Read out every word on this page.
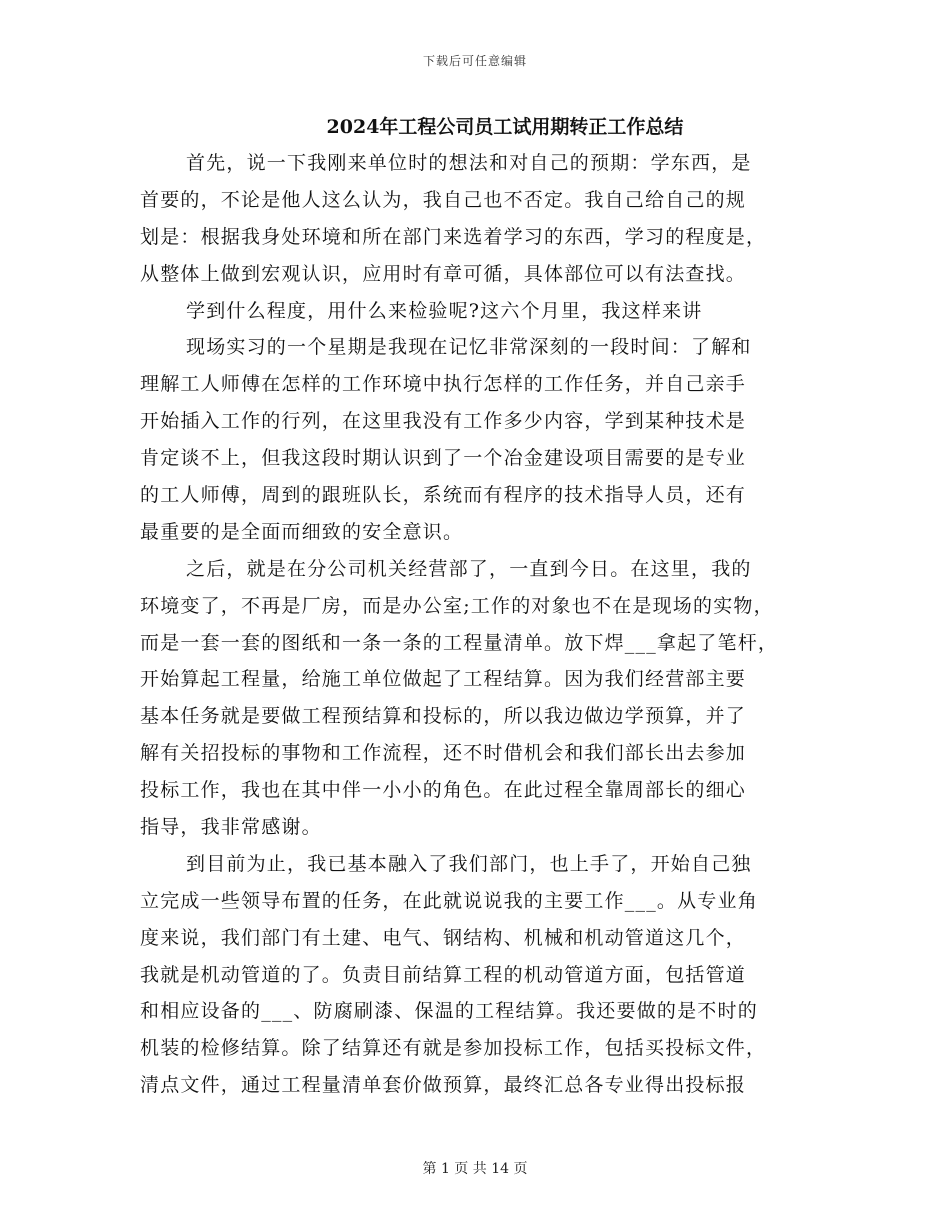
下载后可任意编辑
2024年工程公司员工试用期转正工作总结
首先，说一下我刚来单位时的想法和对自己的预期：学东西，是
首要的，不论是他人这么认为，我自己也不否定。我自己给自己的规
划是：根据我身处环境和所在部门来选着学习的东西，学习的程度是，
从整体上做到宏观认识，应用时有章可循，具体部位可以有法查找。
学到什么程度，用什么来检验呢?这六个月里，我这样来讲
现场实习的一个星期是我现在记忆非常深刻的一段时间：了解和
理解工人师傅在怎样的工作环境中执行怎样的工作任务，并自己亲手
开始插入工作的行列，在这里我没有工作多少内容，学到某种技术是
肯定谈不上，但我这段时期认识到了一个冶金建设项目需要的是专业
的工人师傅，周到的跟班队长，系统而有程序的技术指导人员，还有
最重要的是全面而细致的安全意识。
之后，就是在分公司机关经营部了，一直到今日。在这里，我的
环境变了，不再是厂房，而是办公室;工作的对象也不在是现场的实物，
而是一套一套的图纸和一条一条的工程量清单。放下焊___拿起了笔杆，
开始算起工程量，给施工单位做起了工程结算。因为我们经营部主要
基本任务就是要做工程预结算和投标的，所以我边做边学预算，并了
解有关招投标的事物和工作流程，还不时借机会和我们部长出去参加
投标工作，我也在其中伴一小小的角色。在此过程全靠周部长的细心
指导，我非常感谢。
到目前为止，我已基本融入了我们部门，也上手了，开始自己独
立完成一些领导布置的任务，在此就说说我的主要工作___。从专业角
度来说，我们部门有土建、电气、钢结构、机械和机动管道这几个，
我就是机动管道的了。负责目前结算工程的机动管道方面，包括管道
和相应设备的___、防腐刷漆、保温的工程结算。我还要做的是不时的
机装的检修结算。除了结算还有就是参加投标工作，包括买投标文件，
清点文件，通过工程量清单套价做预算，最终汇总各专业得出投标报
第 1 页 共 14 页
